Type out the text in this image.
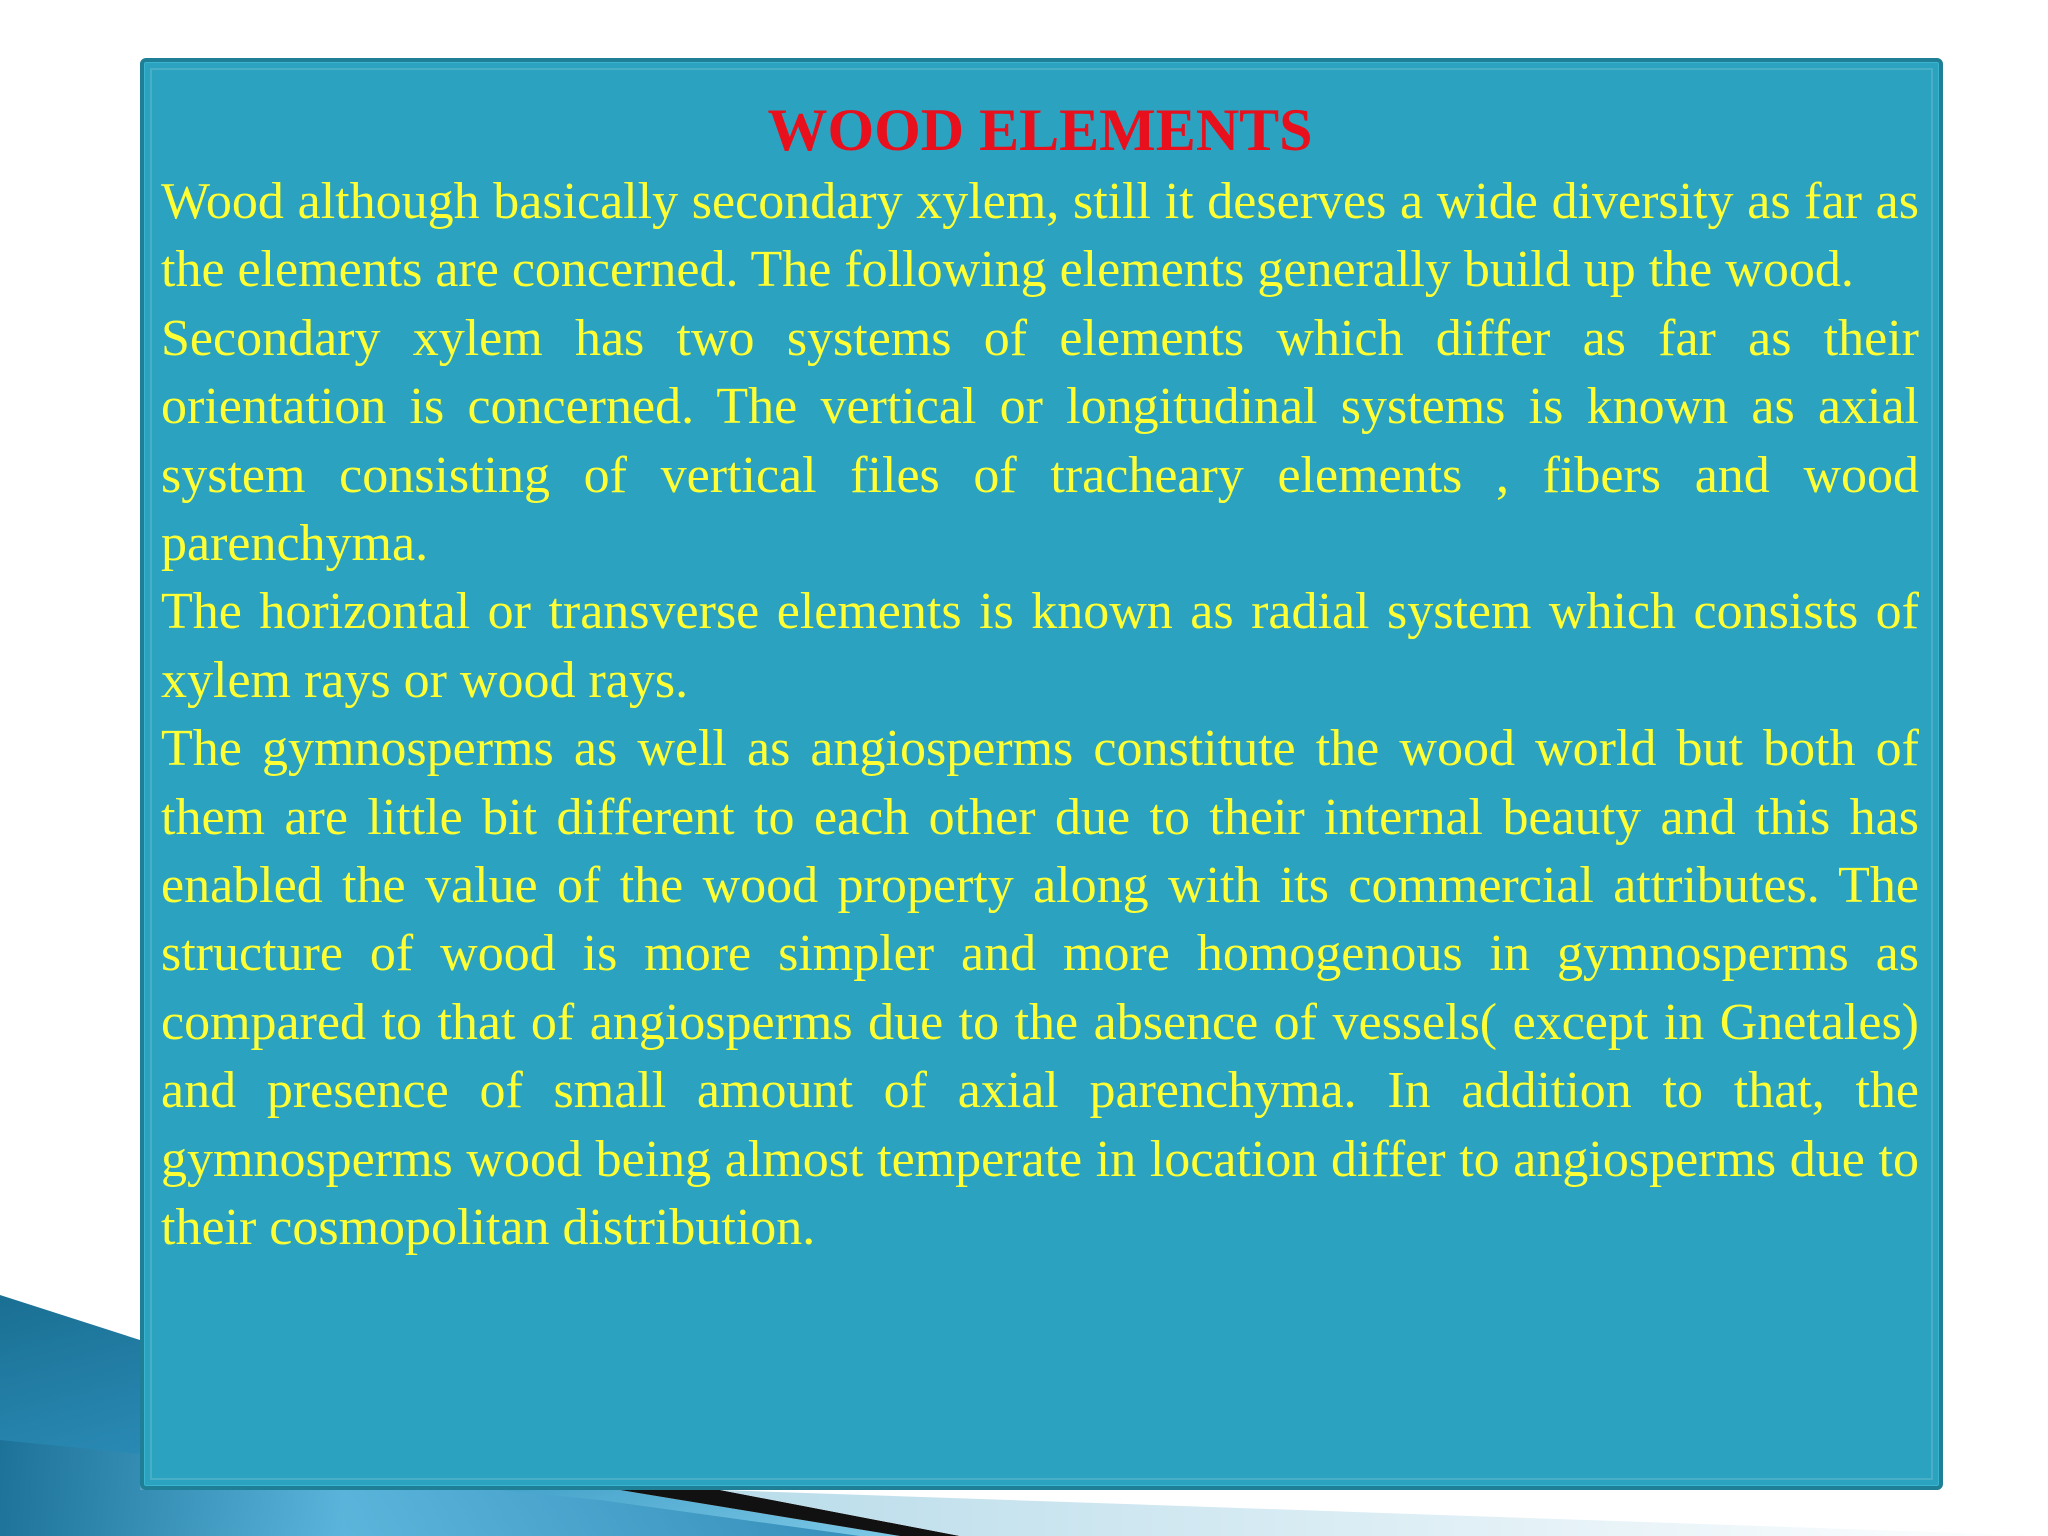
WOOD ELEMENTS

Wood although basically secondary xylem, still it deserves a wide diversity as far as the elements are concerned. The following elements generally build up the wood.

Secondary xylem has two systems of elements which differ as far as their orientation is concerned. The vertical or longitudinal systems is known as axial system consisting of vertical files of tracheary elements , fibers and wood parenchyma.

The horizontal or transverse elements is known as radial system which consists of xylem rays or wood rays.

The gymnosperms as well as angiosperms constitute the wood world but both of them are little bit different to each other due to their internal beauty and this has enabled the value of the wood property along with its commercial attributes. The structure of wood is more simpler and more homogenous in gymnosperms as compared to that of angiosperms due to the absence of vessels( except in Gnetales) and presence of small amount of axial parenchyma. In addition to that, the gymnosperms wood being almost temperate in location differ to angiosperms due to their cosmopolitan distribution.
